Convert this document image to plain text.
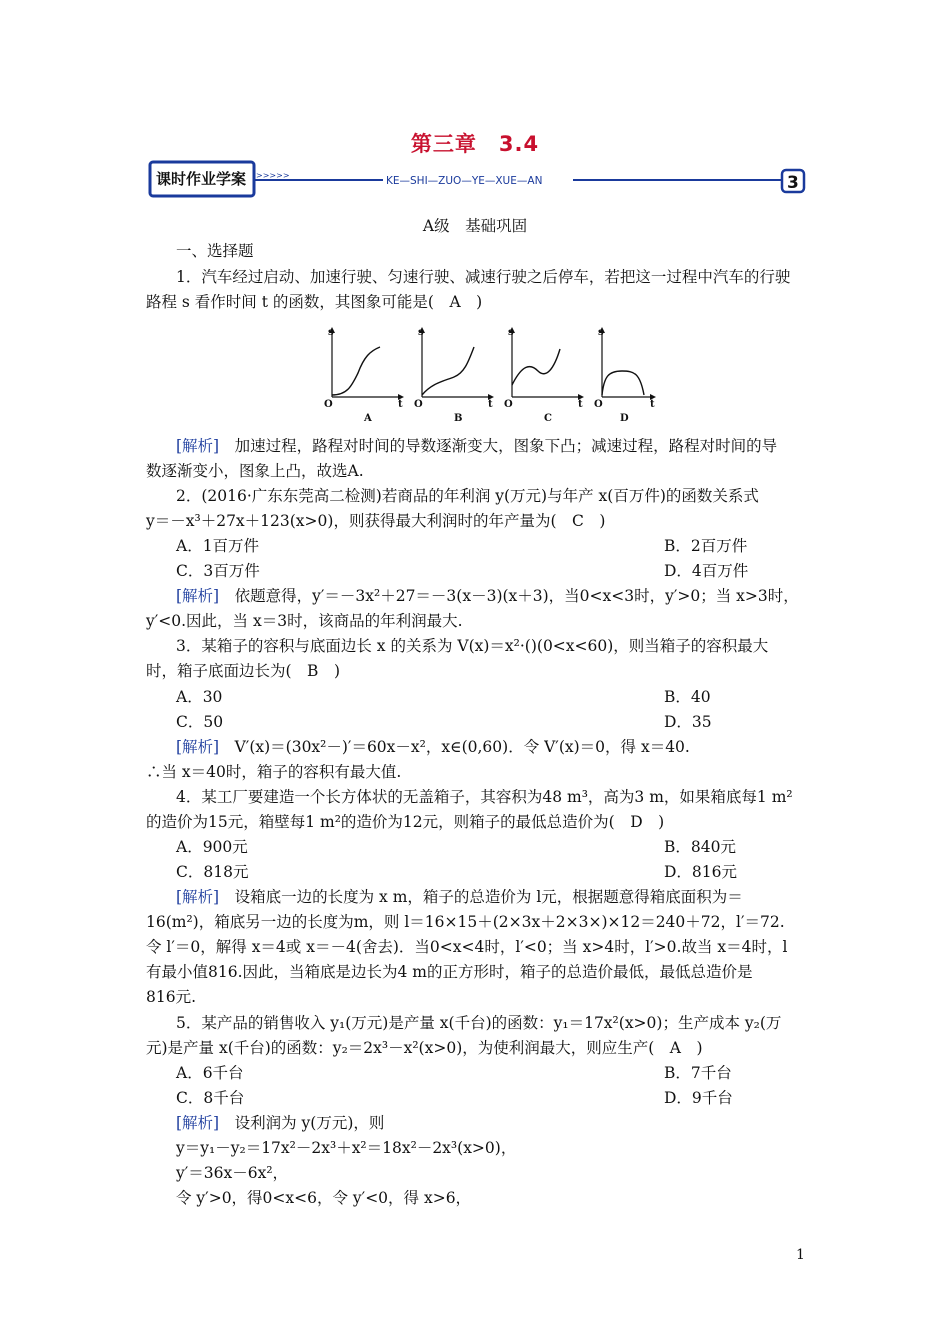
第三章　3.4
课时作业学案 >>>>>	KE—SHI—ZUO—YE—XUE—AN	3
A级　基础巩固
一、选择题
1．汽车经过启动、加速行驶、匀速行驶、减速行驶之后停车，若把这一过程中汽车的行驶
路程 s 看作时间 t 的函数，其图象可能是(　A　)
s
O	t
A
s
O	t
B
s
O	t
C
s
O	t
D
[解析]　加速过程，路程对时间的导数逐渐变大，图象下凸；减速过程，路程对时间的导
数逐渐变小，图象上凸，故选A.
2．(2016·广东东莞高二检测)若商品的年利润 y(万元)与年产 x(百万件)的函数关系式
y＝－x³＋27x＋123(x>0)，则获得最大利润时的年产量为(　C　)
A．1百万件	B．2百万件
C．3百万件	D．4百万件
[解析]　依题意得，y′＝－3x²＋27＝－3(x－3)(x＋3)，当0<x<3时，y′>0；当 x>3时，
y′<0.因此，当 x＝3时，该商品的年利润最大.
3．某箱子的容积与底面边长 x 的关系为 V(x)＝x²·()(0<x<60)，则当箱子的容积最大
时，箱子底面边长为(　B　)
A．30	B．40
C．50	D．35
[解析]　V′(x)＝(30x²－)′＝60x－x²，x∈(0,60)．令 V′(x)＝0，得 x＝40.
∴当 x＝40时，箱子的容积有最大值.
4．某工厂要建造一个长方体状的无盖箱子，其容积为48 m³，高为3 m，如果箱底每1 m²
的造价为15元，箱壁每1 m²的造价为12元，则箱子的最低总造价为(　D　)
A．900元	B．840元
C．818元	D．816元
[解析]　设箱底一边的长度为 x m，箱子的总造价为 l元，根据题意得箱底面积为＝
16(m²)，箱底另一边的长度为m，则 l＝16×15＋(2×3x＋2×3×)×12＝240＋72，l′＝72.
令 l′＝0，解得 x＝4或 x＝－4(舍去)．当0<x<4时，l′<0；当 x>4时，l′>0.故当 x＝4时，l
有最小值816.因此，当箱底是边长为4 m的正方形时，箱子的总造价最低，最低总造价是
816元.
5．某产品的销售收入 y₁(万元)是产量 x(千台)的函数：y₁＝17x²(x>0)；生产成本 y₂(万
元)是产量 x(千台)的函数：y₂＝2x³－x²(x>0)，为使利润最大，则应生产(　A　)
A．6千台	B．7千台
C．8千台	D．9千台
[解析]　设利润为 y(万元)，则
y＝y₁－y₂＝17x²－2x³＋x²＝18x²－2x³(x>0)，
y′＝36x－6x²，
令 y′>0，得0<x<6，令 y′<0，得 x>6，
1
